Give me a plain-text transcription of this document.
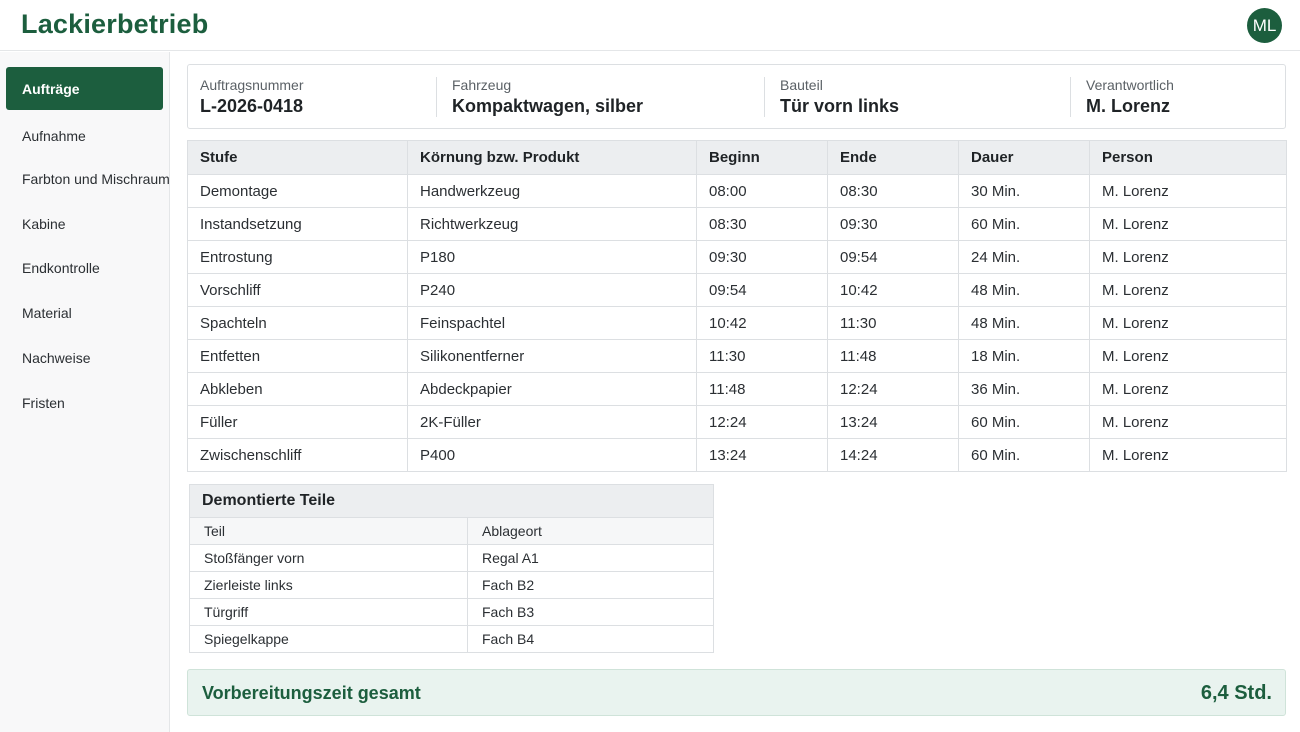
Lackierbetrieb	ML
Aufträge
Aufnahme
Farbton und Mischraum
Kabine
Endkontrolle
Material
Nachweise
Fristen
Auftragsnummer
L-2026-0418
Fahrzeug
Kompaktwagen, silber
Bauteil
Tür vorn links
Verantwortlich
M. Lorenz
Stufe	Körnung bzw. Produkt	Beginn	Ende	Dauer	Person
Demontage	Handwerkzeug	08:00	08:30	30 Min.	M. Lorenz
Instandsetzung	Richtwerkzeug	08:30	09:30	60 Min.	M. Lorenz
Entrostung	P180	09:30	09:54	24 Min.	M. Lorenz
Vorschliff	P240	09:54	10:42	48 Min.	M. Lorenz
Spachteln	Feinspachtel	10:42	11:30	48 Min.	M. Lorenz
Entfetten	Silikonentferner	11:30	11:48	18 Min.	M. Lorenz
Abkleben	Abdeckpapier	11:48	12:24	36 Min.	M. Lorenz
Füller	2K-Füller	12:24	13:24	60 Min.	M. Lorenz
Zwischenschliff	P400	13:24	14:24	60 Min.	M. Lorenz
Demontierte Teile	
Teil	Ablageort
Stoßfänger vorn	Regal A1
Zierleiste links	Fach B2
Türgriff	Fach B3
Spiegelkappe	Fach B4
Vorbereitungszeit gesamt	6,4 Std.
